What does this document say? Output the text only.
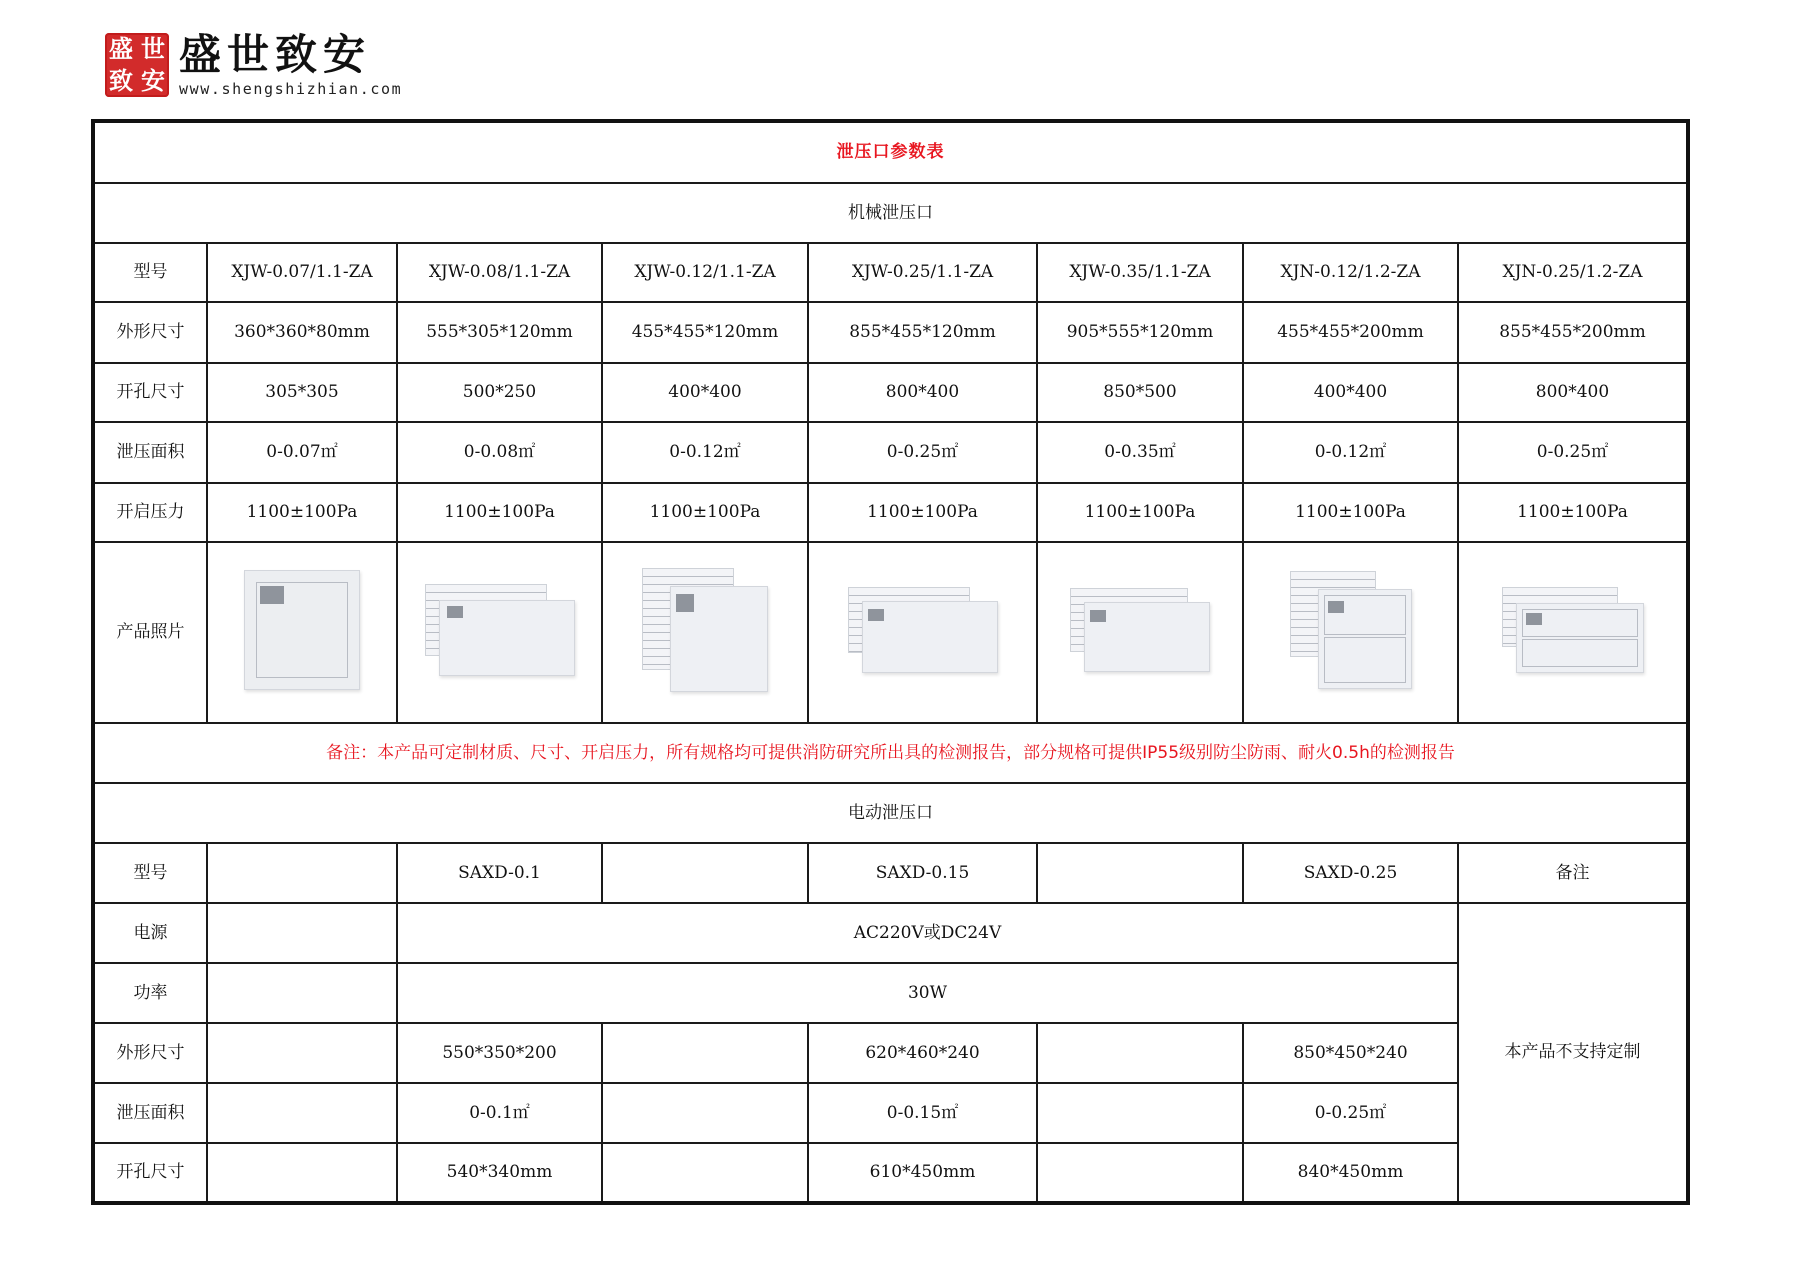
盛 世
致 安
盛世致安
www.shengshizhian.com
泄压口参数表							
机械泄压口							
型号	XJW-0.07/1.1-ZA	XJW-0.08/1.1-ZA	XJW-0.12/1.1-ZA	XJW-0.25/1.1-ZA	XJW-0.35/1.1-ZA	XJN-0.12/1.2-ZA	XJN-0.25/1.2-ZA
外形尺寸	360*360*80mm	555*305*120mm	455*455*120mm	855*455*120mm	905*555*120mm	455*455*200mm	855*455*200mm
开孔尺寸	305*305	500*250	400*400	800*400	850*500	400*400	800*400
泄压面积	0-0.07㎡	0-0.08㎡	0-0.12㎡	0-0.25㎡	0-0.35㎡	0-0.12㎡	0-0.25㎡
开启压力	1100±100Pa	1100±100Pa	1100±100Pa	1100±100Pa	1100±100Pa	1100±100Pa	1100±100Pa
产品照片	

备注：本产品可定制材质、尺寸、开启压力，所有规格均可提供消防研究所出具的检测报告，部分规格可提供IP55级别防尘防雨、耐火0.5h的检测报告							
电动泄压口							
型号		SAXD-0.1		SAXD-0.15		SAXD-0.25	备注
电源		AC220V或DC24V					本产品不支持定制
功率		30W					
外形尺寸		550*350*200		620*460*240		850*450*240	
泄压面积		0-0.1㎡		0-0.15㎡		0-0.25㎡	
开孔尺寸		540*340mm		610*450mm		840*450mm	
